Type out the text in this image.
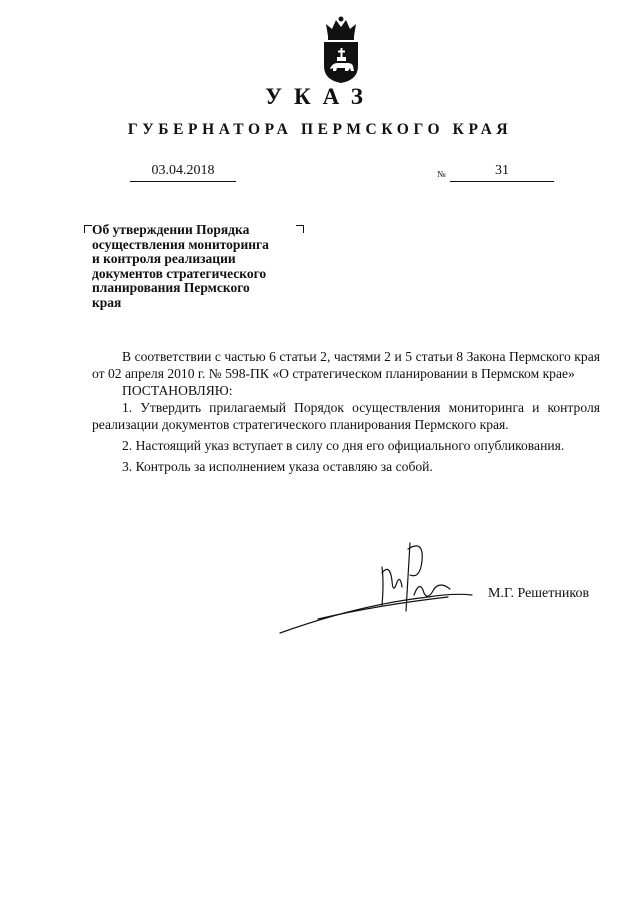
УКАЗ
ГУБЕРНАТОРА ПЕРМСКОГО КРАЯ
03.04.2018	№	31
Об утверждении Порядка
осуществления мониторинга
и контроля реализации
документов стратегического
планирования Пермского
края

В соответствии с частью 6 статьи 2, частями 2 и 5 статьи 8 Закона Пермского края от 02 апреля 2010 г. № 598-ПК «О стратегическом планировании в Пермском крае»

ПОСТАНОВЛЯЮ:

1. Утвердить прилагаемый Порядок осуществления мониторинга и контроля реализации документов стратегического планирования Пермского края.

2. Настоящий указ вступает в силу со дня его официального опубликования.

3. Контроль за исполнением указа оставляю за собой.

М.Г. Решетников
